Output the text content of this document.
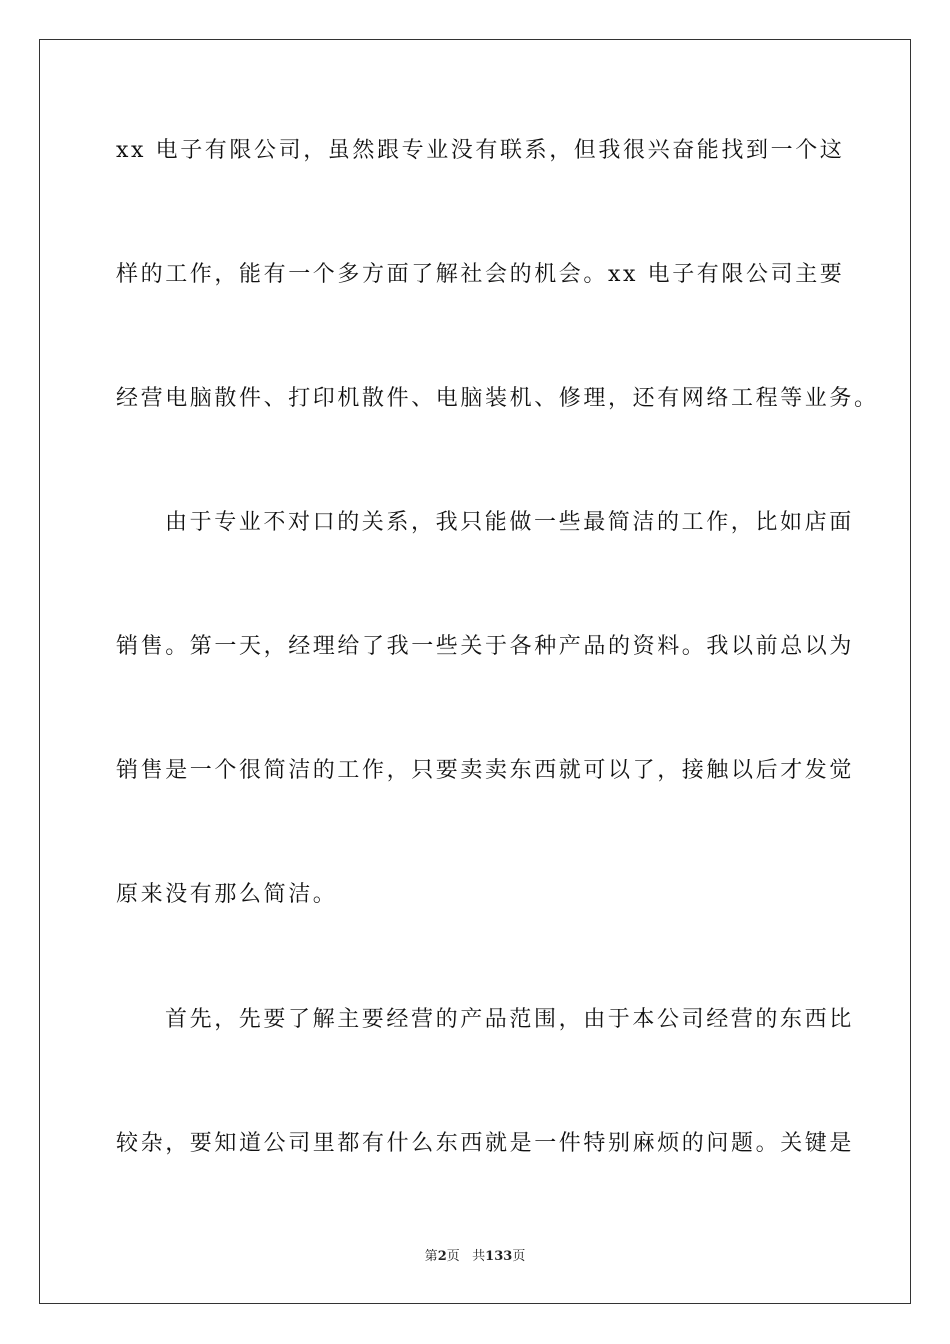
xx 电子有限公司，虽然跟专业没有联系，但我很兴奋能找到一个这
样的工作，能有一个多方面了解社会的机会。xx 电子有限公司主要
经营电脑散件、打印机散件、电脑装机、修理，还有网络工程等业务。
由于专业不对口的关系，我只能做一些最简洁的工作，比如店面
销售。第一天，经理给了我一些关于各种产品的资料。我以前总以为
销售是一个很简洁的工作，只要卖卖东西就可以了，接触以后才发觉
原来没有那么简洁。
首先，先要了解主要经营的产品范围，由于本公司经营的东西比
较杂，要知道公司里都有什么东西就是一件特别麻烦的问题。关键是
第2页 共133页
